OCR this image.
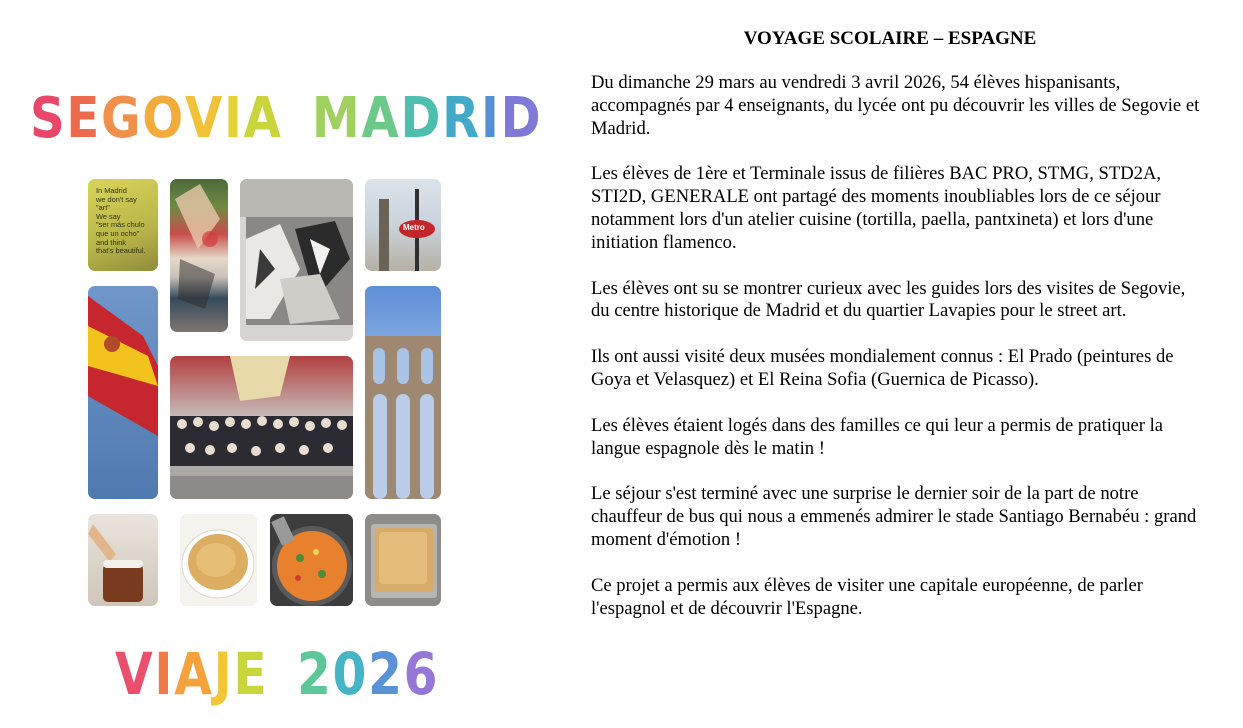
SEGOVIA MADRID
In Madrid
we don't say
"art"
We say
"ser más chulo
que un ocho"
and think
that's beautiful.
Metro
VIAJE 2026
VOYAGE SCOLAIRE – ESPAGNE

Du dimanche 29 mars au vendredi 3 avril 2026, 54 élèves hispanisants, accompagnés par 4 enseignants, du lycée ont pu découvrir les villes de Segovie et Madrid.

Les élèves de 1ère et Terminale issus de filières BAC PRO, STMG, STD2A, STI2D, GENERALE ont partagé des moments inoubliables lors de ce séjour notamment lors d'un atelier cuisine (tortilla, paella, pantxineta) et lors d'une initiation flamenco.

Les élèves ont su se montrer curieux avec les guides lors des visites de Segovie, du centre historique de Madrid et du quartier Lavapies pour le street art.

Ils ont aussi visité deux musées mondialement connus : El Prado (peintures de Goya et Velasquez) et El Reina Sofia (Guernica de Picasso).

Les élèves étaient logés dans des familles ce qui leur a permis de pratiquer la langue espagnole dès le matin !

Le séjour s'est terminé avec une surprise le dernier soir de la part de notre chauffeur de bus qui nous a emmenés admirer le stade Santiago Bernabéu : grand moment d'émotion !

Ce projet a permis aux élèves de visiter une capitale européenne, de parler l'espagnol et de découvrir l'Espagne.
